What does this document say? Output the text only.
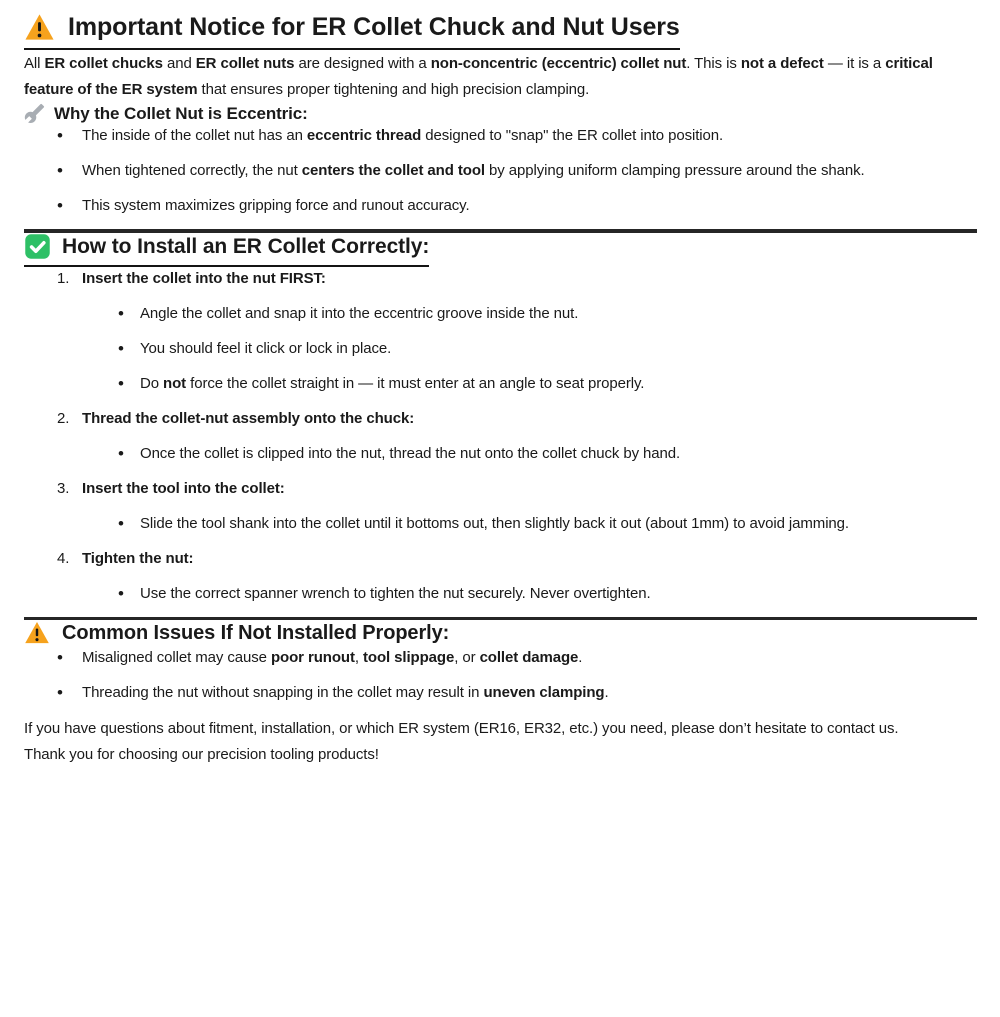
Important Notice for ER Collet Chuck and Nut Users

All ER collet chucks and ER collet nuts are designed with a non-concentric (eccentric) collet nut. This is not a defect — it is a critical feature of the ER system that ensures proper tightening and high precision clamping.

Why the Collet Nut is Eccentric:
• The inside of the collet nut has an eccentric thread designed to "snap" the ER collet into position.
• When tightened correctly, the nut centers the collet and tool by applying uniform clamping pressure around the shank.
• This system maximizes gripping force and runout accuracy.
How to Install an ER Collet Correctly:
1. Insert the collet into the nut FIRST:
• Angle the collet and snap it into the eccentric groove inside the nut.
• You should feel it click or lock in place.
• Do not force the collet straight in — it must enter at an angle to seat properly.
2. Thread the collet-nut assembly onto the chuck:
• Once the collet is clipped into the nut, thread the nut onto the collet chuck by hand.
3. Insert the tool into the collet:
• Slide the tool shank into the collet until it bottoms out, then slightly back it out (about 1mm) to avoid jamming.
4. Tighten the nut:
• Use the correct spanner wrench to tighten the nut securely. Never overtighten.
Common Issues If Not Installed Properly:
• Misaligned collet may cause poor runout, tool slippage, or collet damage.
• Threading the nut without snapping in the collet may result in uneven clamping.

If you have questions about fitment, installation, or which ER system (ER16, ER32, etc.) you need, please don’t hesitate to contact us.

Thank you for choosing our precision tooling products!
